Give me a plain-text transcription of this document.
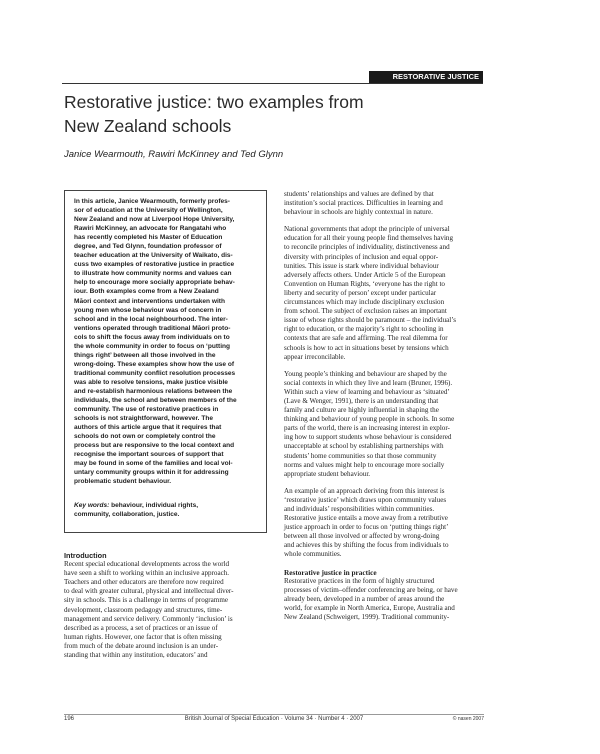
RESTORATIVE JUSTICE
Restorative justice: two examples from
New Zealand schools
Janice Wearmouth, Rawiri McKinney and Ted Glynn
In this article, Janice Wearmouth, formerly profes-
sor of education at the University of Wellington,
New Zealand and now at Liverpool Hope University,
Rawiri McKinney, an advocate for Rangatahi who
has recently completed his Master of Education
degree, and Ted Glynn, foundation professor of
teacher education at the University of Waikato, dis-
cuss two examples of restorative justice in practice
to illustrate how community norms and values can
help to encourage more socially appropriate behav-
iour. Both examples come from a New Zealand
Māori context and interventions undertaken with
young men whose behaviour was of concern in
school and in the local neighbourhood. The inter-
ventions operated through traditional Māori proto-
cols to shift the focus away from individuals on to
the whole community in order to focus on ‘putting
things right’ between all those involved in the
wrong-doing. These examples show how the use of
traditional community conflict resolution processes
was able to resolve tensions, make justice visible
and re-establish harmonious relations between the
individuals, the school and between members of the
community. The use of restorative practices in
schools is not straightforward, however. The
authors of this article argue that it requires that
schools do not own or completely control the
process but are responsive to the local context and
recognise the important sources of support that
may be found in some of the families and local vol-
untary community groups within it for addressing
problematic student behaviour.
Key words: behaviour, individual rights,
community, collaboration, justice.

Introduction

Recent special educational developments across the world
have seen a shift to working within an inclusive approach.
Teachers and other educators are therefore now required
to deal with greater cultural, physical and intellectual diver-
sity in schools. This is a challenge in terms of programme
development, classroom pedagogy and structures, time-
management and service delivery. Commonly ‘inclusion’ is
described as a process, a set of practices or an issue of
human rights. However, one factor that is often missing
from much of the debate around inclusion is an under-
standing that within any institution, educators’ and
students’ relationships and values are defined by that
institution’s social practices. Difficulties in learning and
behaviour in schools are highly contextual in nature.
National governments that adopt the principle of universal
education for all their young people find themselves having
to reconcile principles of individuality, distinctiveness and
diversity with principles of inclusion and equal oppor-
tunities. This issue is stark where individual behaviour
adversely affects others. Under Article 5 of the European
Convention on Human Rights, ‘everyone has the right to
liberty and security of person’ except under particular
circumstances which may include disciplinary exclusion
from school. The subject of exclusion raises an important
issue of whose rights should be paramount – the individual’s
right to education, or the majority’s right to schooling in
contexts that are safe and affirming. The real dilemma for
schools is how to act in situations beset by tensions which
appear irreconcilable.
Young people’s thinking and behaviour are shaped by the
social contexts in which they live and learn (Bruner, 1996).
Within such a view of learning and behaviour as ‘situated’
(Lave & Wenger, 1991), there is an understanding that
family and culture are highly influential in shaping the
thinking and behaviour of young people in schools. In some
parts of the world, there is an increasing interest in explor-
ing how to support students whose behaviour is considered
unacceptable at school by establishing partnerships with
students’ home communities so that those community
norms and values might help to encourage more socially
appropriate student behaviour.
An example of an approach deriving from this interest is
‘restorative justice’ which draws upon community values
and individuals’ responsibilities within communities.
Restorative justice entails a move away from a retributive
justice approach in order to focus on ‘putting things right’
between all those involved or affected by wrong-doing
and achieves this by shifting the focus from individuals to
whole communities.

Restorative justice in practice

Restorative practices in the form of highly structured
processes of victim–offender conferencing are being, or have
already been, developed in a number of areas around the
world, for example in North America, Europe, Australia and
New Zealand (Schweigert, 1999). Traditional community-
196	British Journal of Special Education · Volume 34 · Number 4 · 2007	© nasen 2007
